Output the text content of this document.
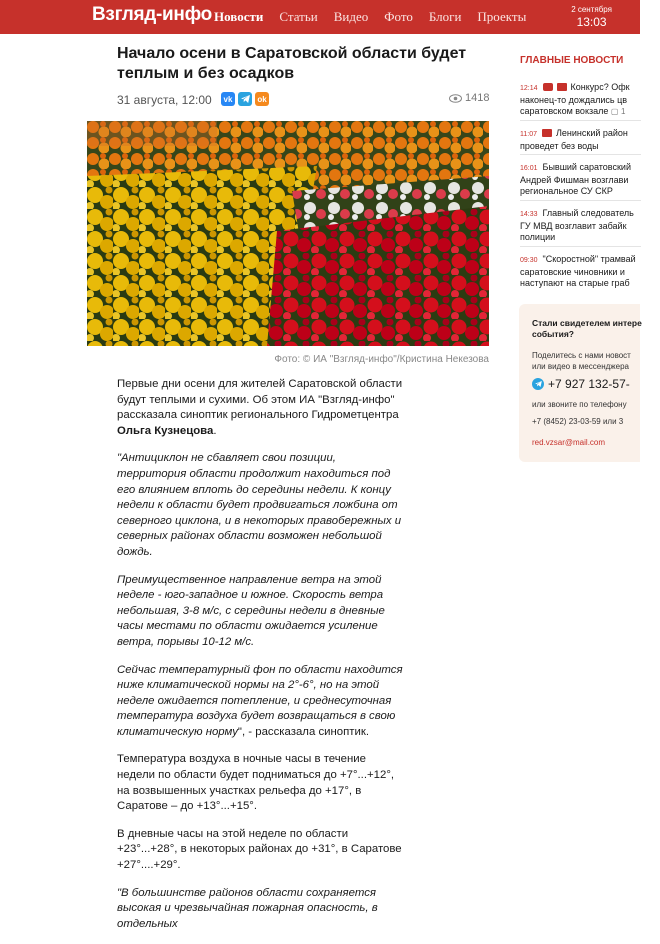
Взгляд-инфо Новости Статьи Видео Фото Блоги Проекты	2 сентября
13:03
Начало осени в Саратовской области будет теплым и без осадков
31 августа, 12:00	vk	ok	1418
Фото: © ИА "Взгляд-инфо"/Кристина Некезова

Первые дни осени для жителей Саратовской области будут теплыми и сухими. Об этом ИА "Взгляд-инфо" рассказала синоптик регионального Гидрометцентра Ольга Кузнецова.

"Антициклон не сбавляет свои позиции, территория области продолжит находиться под его влиянием вплоть до середины недели. К концу недели к области будет продвигаться ложбина от северного циклона, и в некоторых правобережных и северных районах области возможен небольшой дождь.

Преимущественное направление ветра на этой неделе - юго-западное и южное. Скорость ветра небольшая, 3-8 м/с, с середины недели в дневные часы местами по области ожидается усиление ветра, порывы 10-12 м/с.

Сейчас температурный фон по области находится ниже климатической нормы на 2°-6°, но на этой неделе ожидается потепление, и среднесуточная температура воздуха будет возвращаться в свою климатическую норму", - рассказала синоптик.

Температура воздуха в ночные часы в течение недели по области будет подниматься до +7°...+12°, на возвышенных участках рельефа до +17°, в Саратове – до +13°...+15°.

В дневные часы на этой неделе по области +23°...+28°, в некоторых районах до +31°, в Саратове +27°....+29°.

"В большинстве районов области сохраняется высокая и чрезвычайная пожарная опасность, в отдельных

ГЛАВНЫЕ НОВОСТИ
12:14	Конкурс? Офк
наконец-то дождались цв
саратовском вокзале ▢ 1
11:07 Ленинский район
проведет без воды
16:01 Бывший саратовский
Андрей Фишман возглави
региональное СУ СКР
14:33 Главный следователь
ГУ МВД возглавит забайк
полиции
09:30 "Скоростной" трамвай
саратовские чиновники и
наступают на старые граб
Стали свидетелем интере
события?
Поделитесь с нами новост
или видео в мессенджера
+7 927 132-57-
или звоните по телефону
+7 (8452) 23-03-59 или 3
red.vzsar@mail.com
